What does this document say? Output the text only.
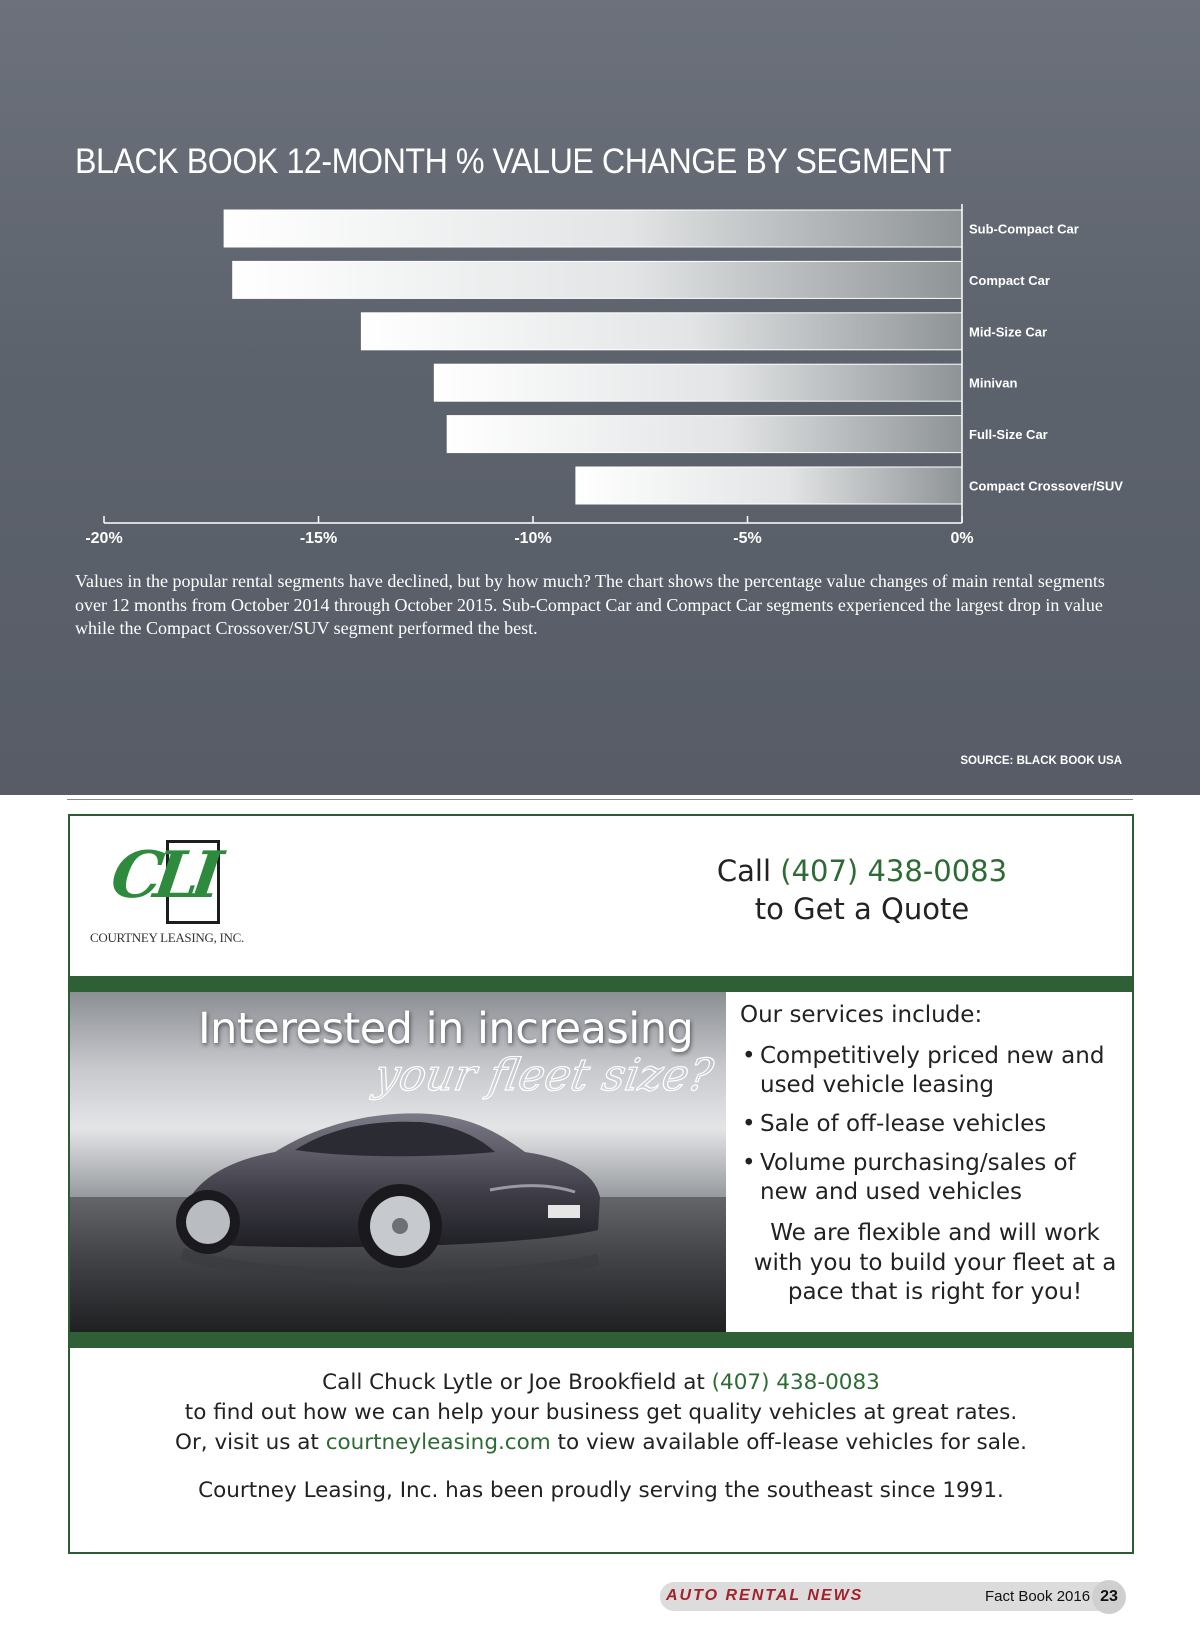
BLACK BOOK 12-MONTH % VALUE CHANGE BY SEGMENT
Sub-Compact Car
Compact Car
Mid-Size Car
Minivan
Full-Size Car
Compact Crossover/SUV
-20%	-15%	-10%	-5%	0%

Values in the popular rental segments have declined, but by how much? The chart shows the percentage value changes of main rental segments over 12 months from October 2014 through October 2015. Sub-Compact Car and Compact Car segments experienced the largest drop in value while the Compact Crossover/SUV segment performed the best.

SOURCE: BLACK BOOK USA

CLI
COURTNEY LEASING, INC.
Call (407) 438-0083
to Get a Quote
Interested in increasing
your fleet size?
Our services include:
• Competitively priced new and used vehicle leasing
• Sale of off-lease vehicles
• Volume purchasing/sales of new and used vehicles

We are flexible and will work with you to build your fleet at a pace that is right for you!

Call Chuck Lytle or Joe Brookfield at (407) 438-0083

to find out how we can help your business get quality vehicles at great rates.

Or, visit us at courtneyleasing.com to view available off-lease vehicles for sale.

Courtney Leasing, Inc. has been proudly serving the southeast since 1991.

AUTO RENTAL NEWS	Fact Book 2016 23
